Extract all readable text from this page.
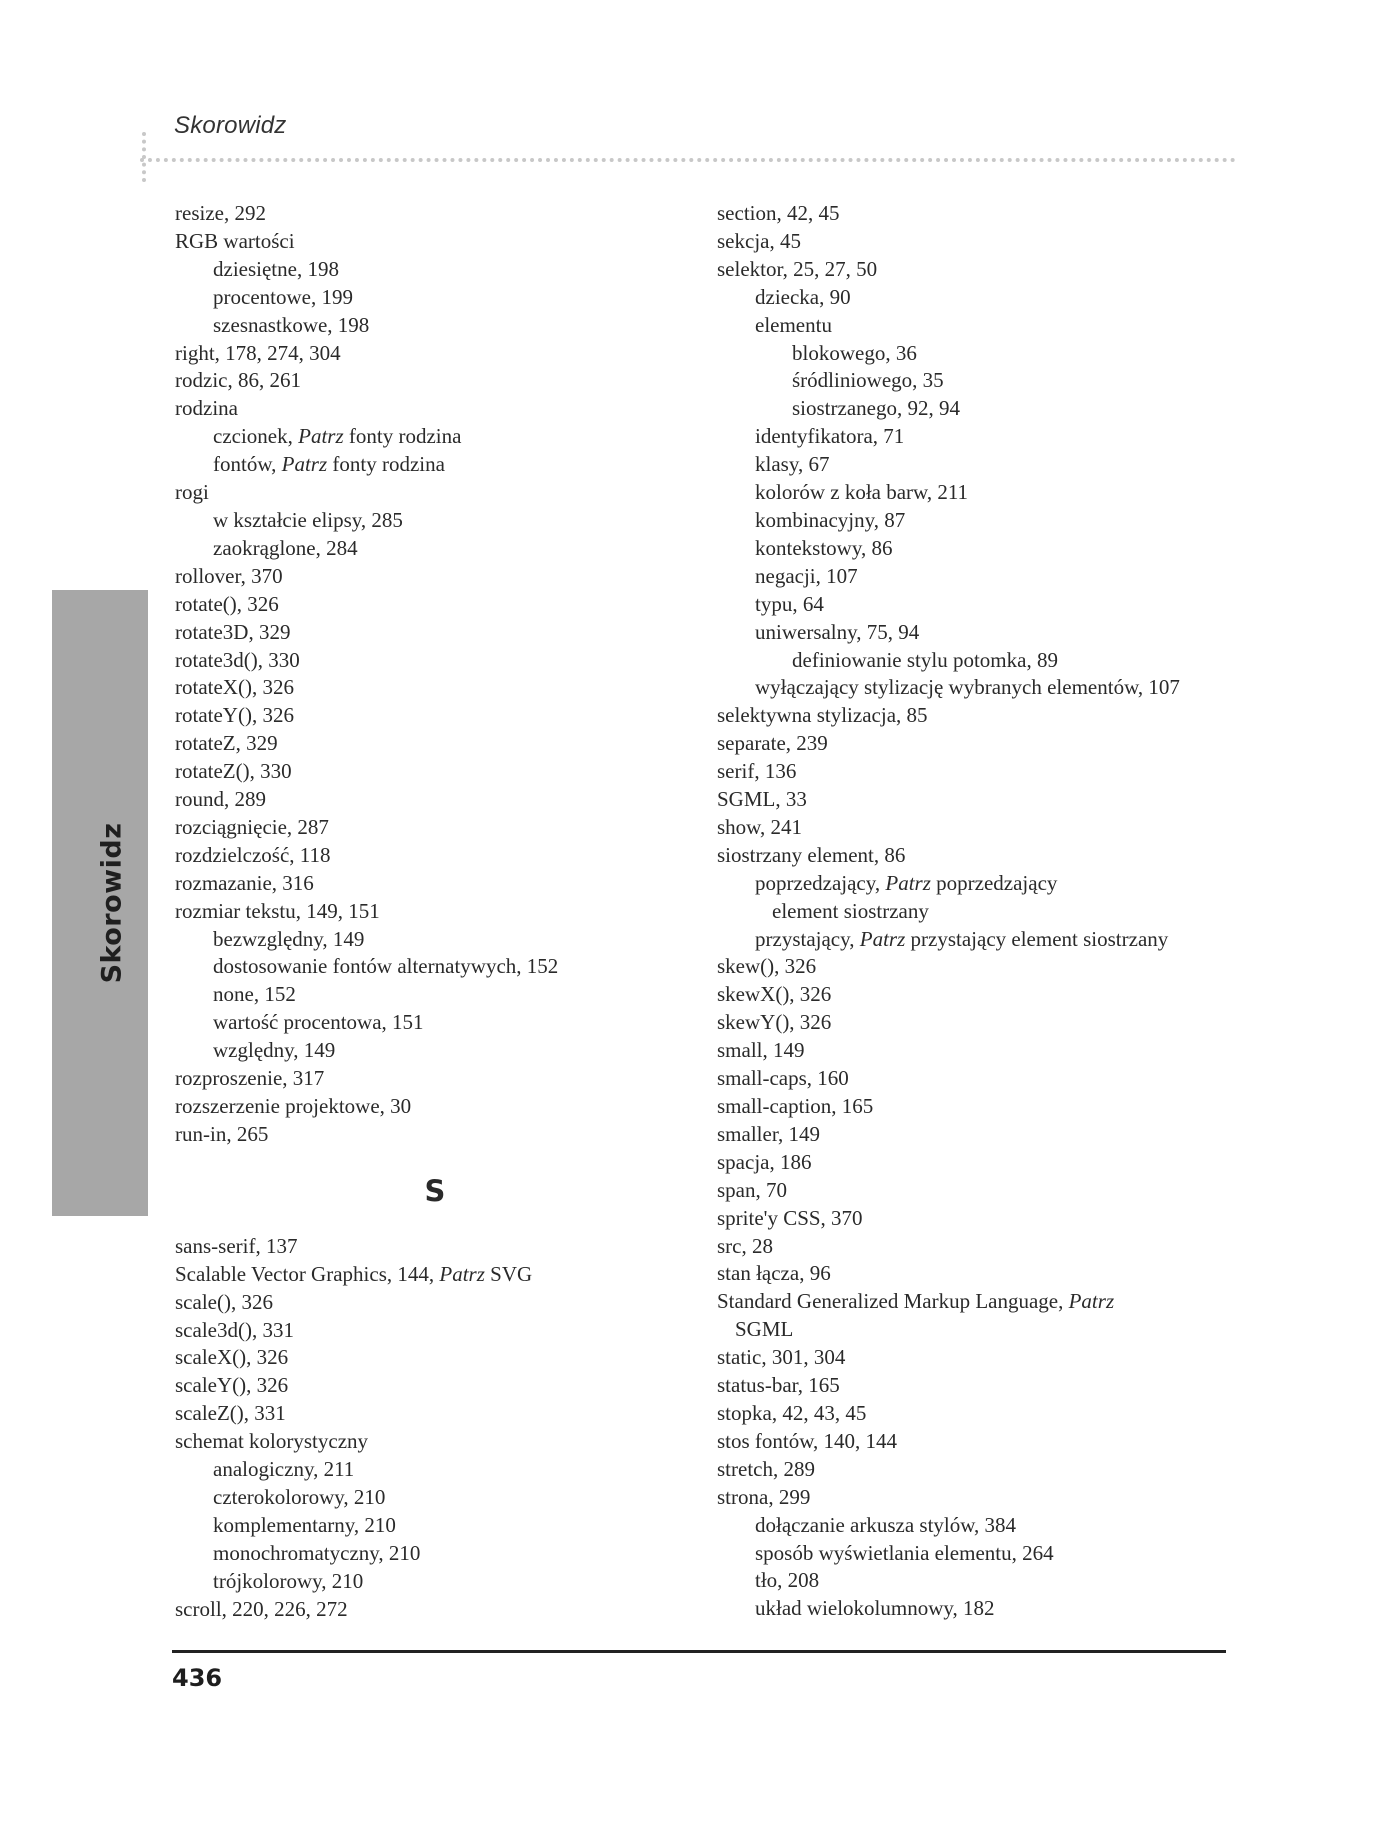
Skorowidz
Skorowidz
resize, 292
RGB wartości
dziesiętne, 198
procentowe, 199
szesnastkowe, 198
right, 178, 274, 304
rodzic, 86, 261
rodzina
czcionek, Patrz fonty rodzina
fontów, Patrz fonty rodzina
rogi
w kształcie elipsy, 285
zaokrąglone, 284
rollover, 370
rotate(), 326
rotate3D, 329
rotate3d(), 330
rotateX(), 326
rotateY(), 326
rotateZ, 329
rotateZ(), 330
round, 289
rozciągnięcie, 287
rozdzielczość, 118
rozmazanie, 316
rozmiar tekstu, 149, 151
bezwzględny, 149
dostosowanie fontów alternatywych, 152
none, 152
wartość procentowa, 151
względny, 149
rozproszenie, 317
rozszerzenie projektowe, 30
run-in, 265
S
sans-serif, 137
Scalable Vector Graphics, 144, Patrz SVG
scale(), 326
scale3d(), 331
scaleX(), 326
scaleY(), 326
scaleZ(), 331
schemat kolorystyczny
analogiczny, 211
czterokolorowy, 210
komplementarny, 210
monochromatyczny, 210
trójkolorowy, 210
scroll, 220, 226, 272
section, 42, 45
sekcja, 45
selektor, 25, 27, 50
dziecka, 90
elementu
blokowego, 36
śródliniowego, 35
siostrzanego, 92, 94
identyfikatora, 71
klasy, 67
kolorów z koła barw, 211
kombinacyjny, 87
kontekstowy, 86
negacji, 107
typu, 64
uniwersalny, 75, 94
definiowanie stylu potomka, 89
wyłączający stylizację wybranych elementów, 107
selektywna stylizacja, 85
separate, 239
serif, 136
SGML, 33
show, 241
siostrzany element, 86
poprzedzający, Patrz poprzedzający
element siostrzany
przystający, Patrz przystający element siostrzany
skew(), 326
skewX(), 326
skewY(), 326
small, 149
small-caps, 160
small-caption, 165
smaller, 149
spacja, 186
span, 70
sprite'y CSS, 370
src, 28
stan łącza, 96
Standard Generalized Markup Language, Patrz
SGML
static, 301, 304
status-bar, 165
stopka, 42, 43, 45
stos fontów, 140, 144
stretch, 289
strona, 299
dołączanie arkusza stylów, 384
sposób wyświetlania elementu, 264
tło, 208
układ wielokolumnowy, 182
436
